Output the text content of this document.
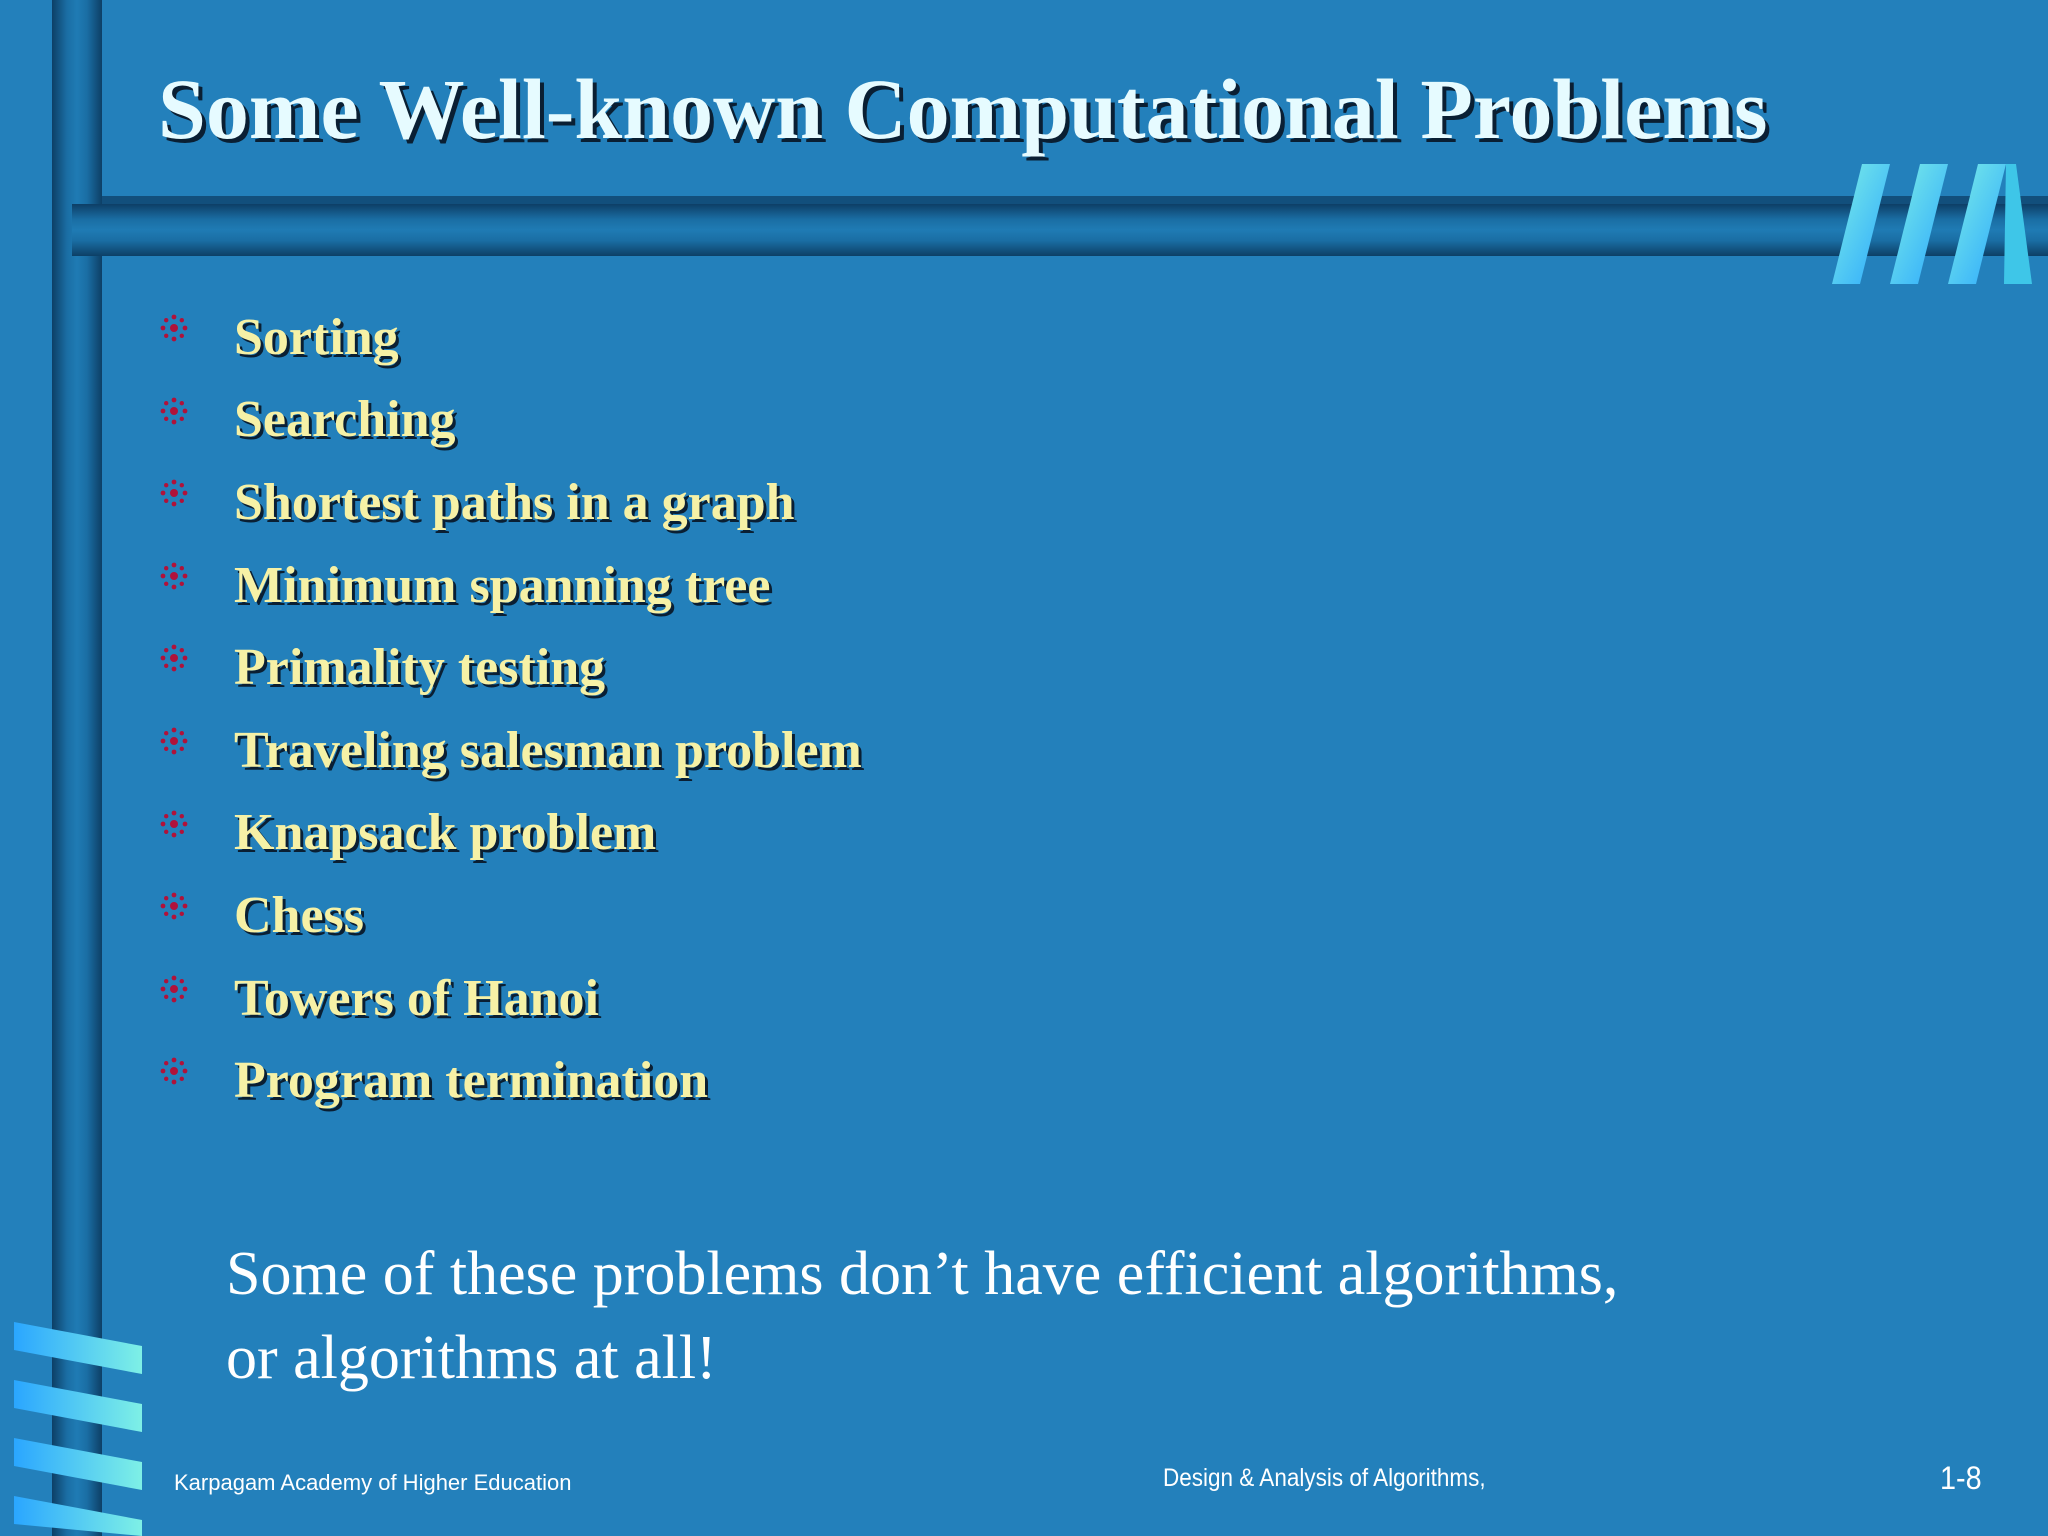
Some Well-known Computational Problems
Sorting
Searching
Shortest paths in a graph
Minimum spanning tree
Primality testing
Traveling salesman problem
Knapsack problem
Chess
Towers of Hanoi
Program termination
Some of these problems don’t have efficient algorithms,
or algorithms at all!
Karpagam Academy of Higher Education	Design & Analysis of Algorithms,	1-8
